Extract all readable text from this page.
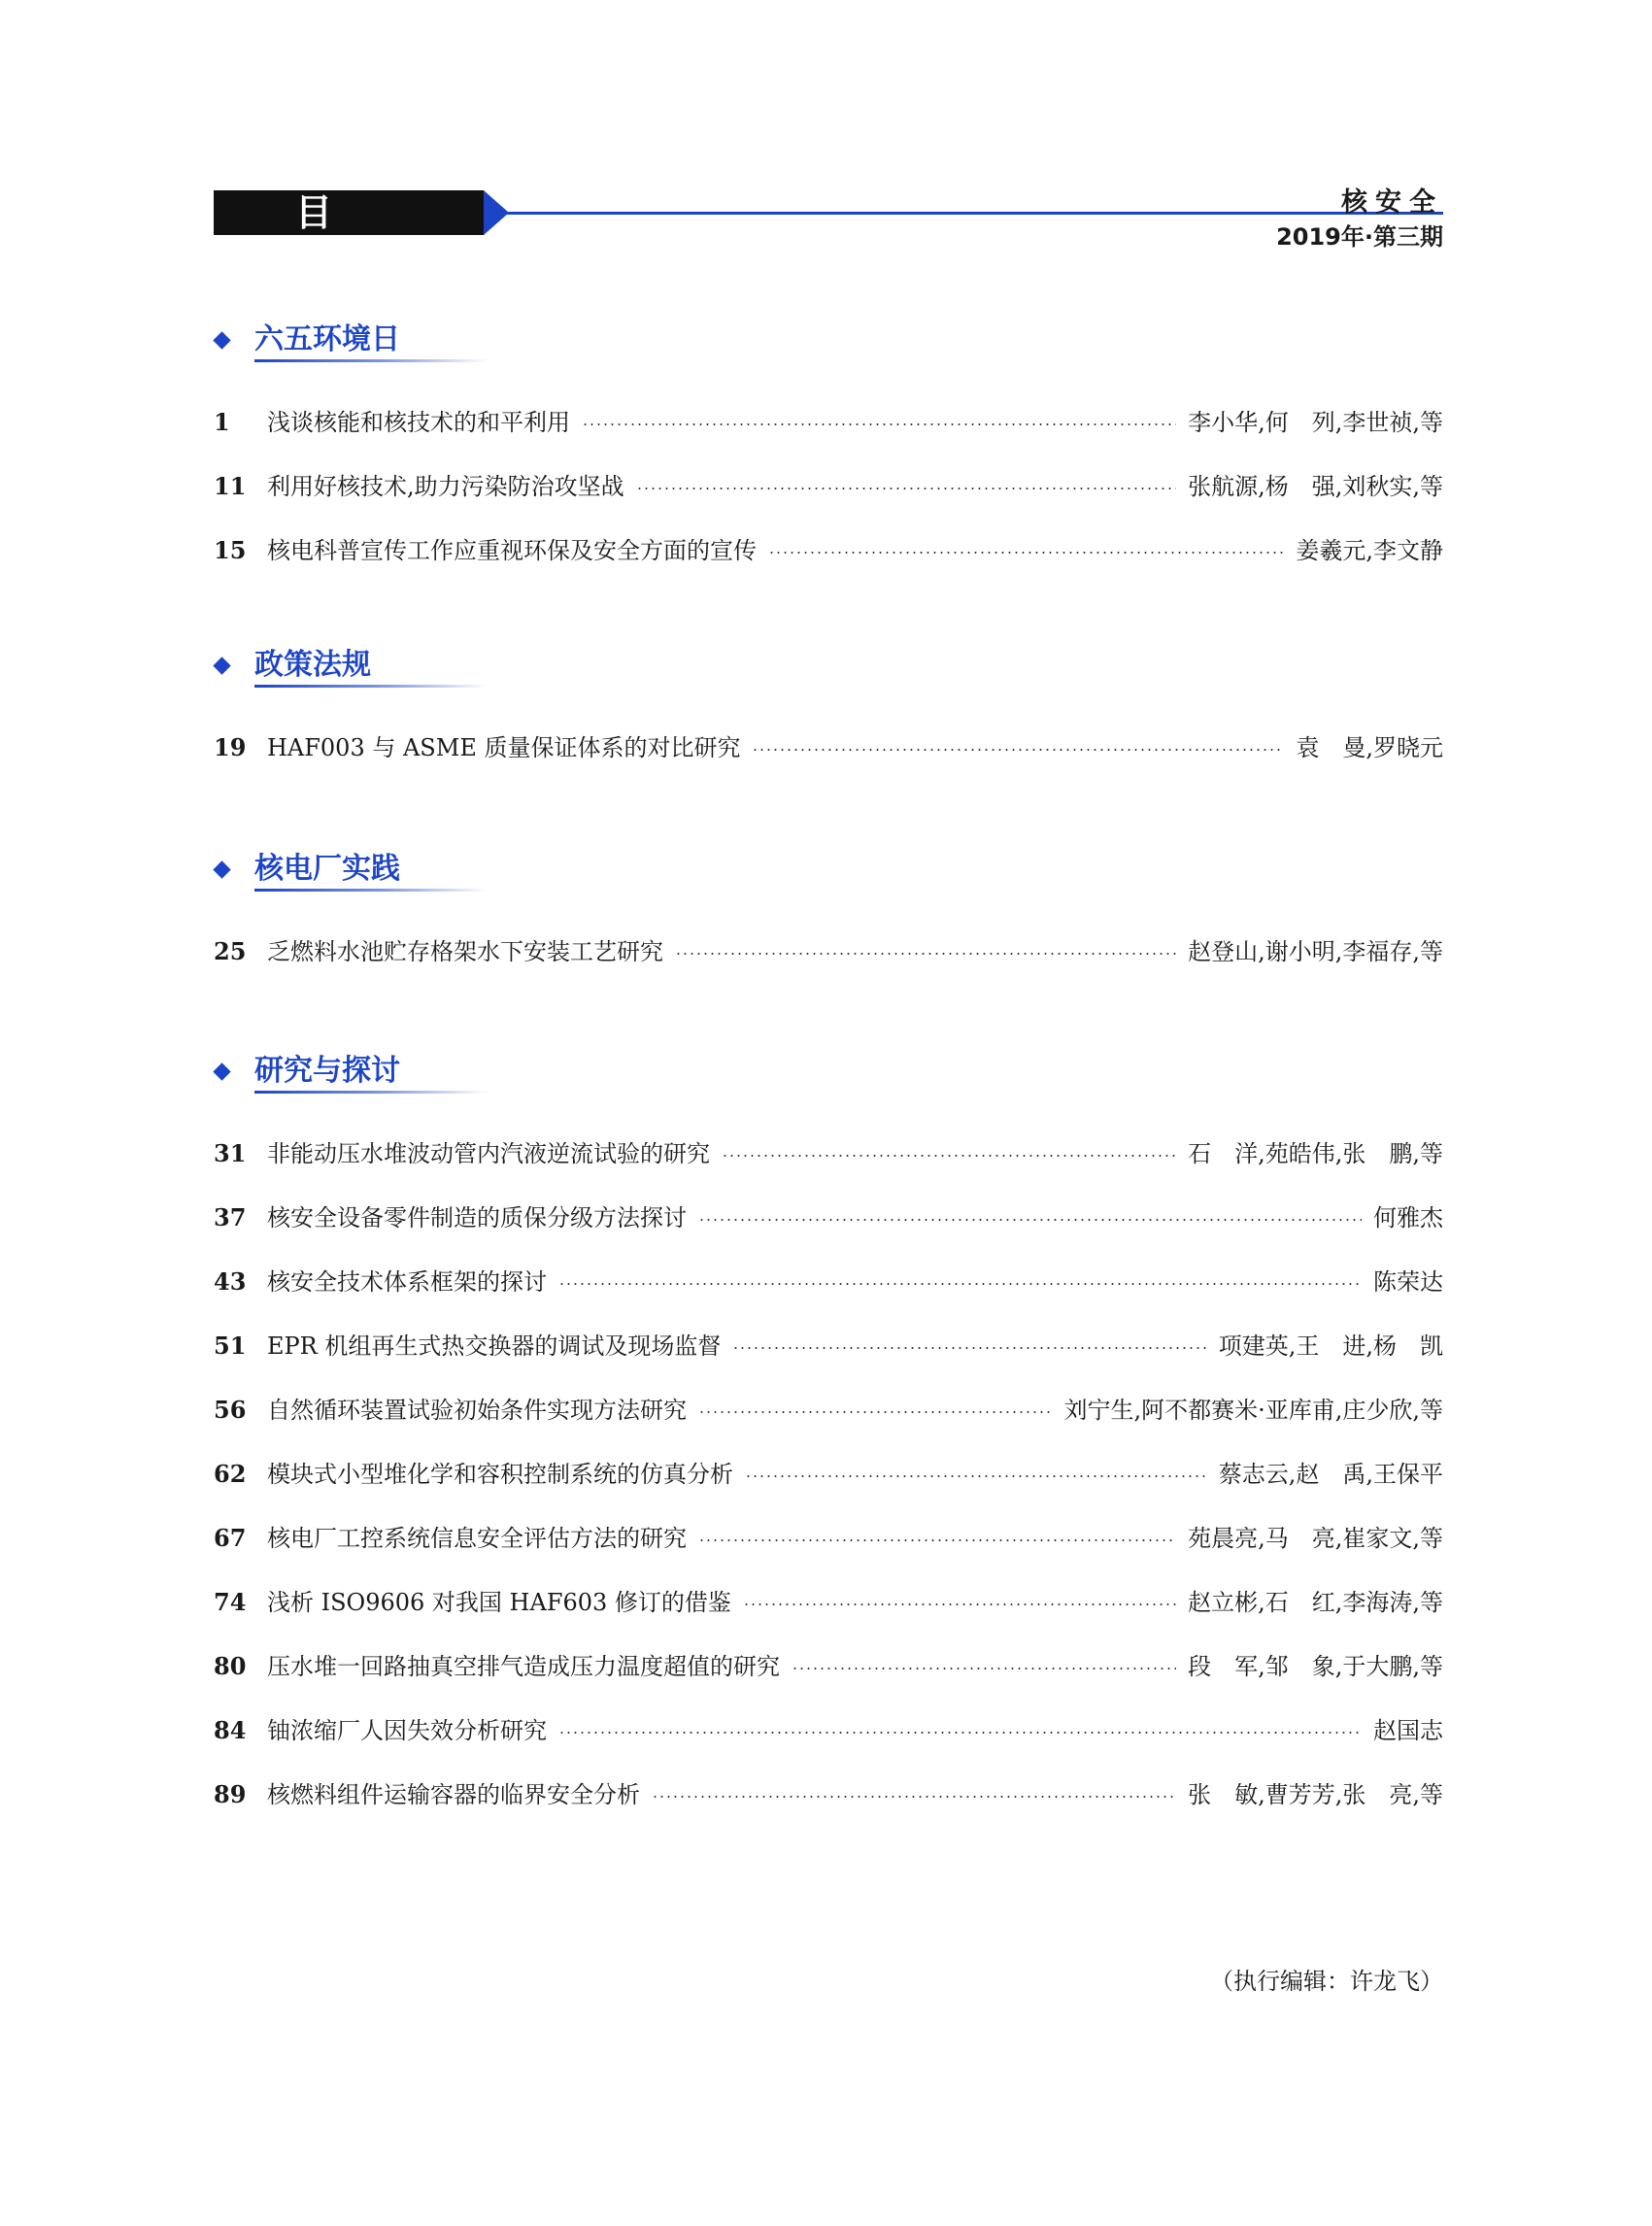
目 次
核安全
2019年·第三期
六五环境日
1	浅谈核能和核技术的和平利用	李小华,何　列,李世祯,等
11 利用好核技术,助力污染防治攻坚战	张航源,杨　强,刘秋实,等
15 核电科普宣传工作应重视环保及安全方面的宣传	姜羲元,李文静
政策法规
19 HAF003 与 ASME 质量保证体系的对比研究	袁　曼,罗晓元
核电厂实践
25 乏燃料水池贮存格架水下安装工艺研究	赵登山,谢小明,李福存,等
研究与探讨
31 非能动压水堆波动管内汽液逆流试验的研究	石　洋,苑皓伟,张　鹏,等
37 核安全设备零件制造的质保分级方法探讨	何雅杰
43 核安全技术体系框架的探讨	陈荣达
51 EPR 机组再生式热交换器的调试及现场监督	项建英,王　进,杨　凯
56 自然循环装置试验初始条件实现方法研究	刘宁生,阿不都赛米·亚库甫,庄少欣,等
62 模块式小型堆化学和容积控制系统的仿真分析	蔡志云,赵　禹,王保平
67 核电厂工控系统信息安全评估方法的研究	苑晨亮,马　亮,崔家文,等
74 浅析 ISO9606 对我国 HAF603 修订的借鉴	赵立彬,石　红,李海涛,等
80 压水堆一回路抽真空排气造成压力温度超值的研究	段　军,邹　象,于大鹏,等
84 铀浓缩厂人因失效分析研究	赵国志
89 核燃料组件运输容器的临界安全分析	张　敏,曹芳芳,张　亮,等
（执行编辑：许龙飞）
